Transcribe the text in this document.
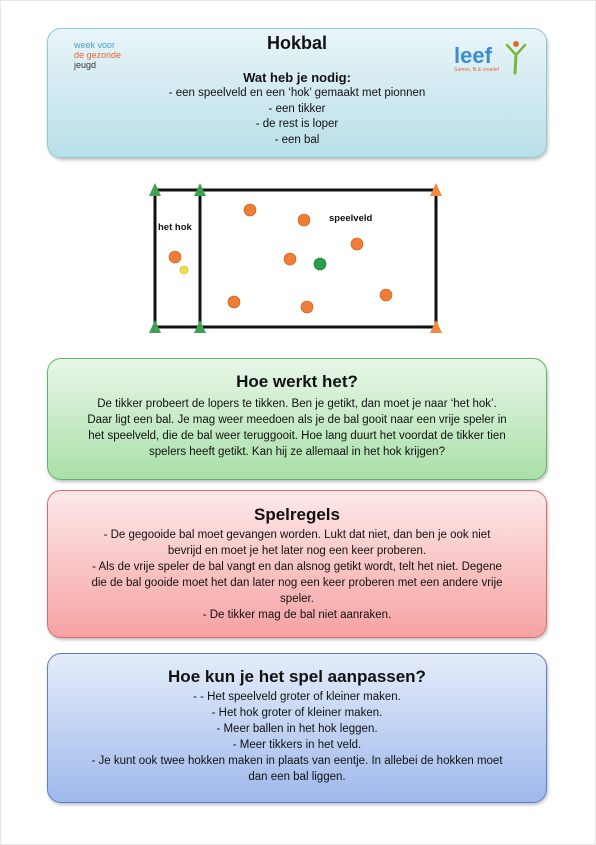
week voor
de gezonde
jeugd	leef
Samen, fit & creatief
Hokbal
Wat heb je nodig:
- een speelveld en een ‘hok’ gemaakt met pionnen
- een tikker
- de rest is loper
- een bal
het hok
speelveld
Hoe werkt het?
De tikker probeert de lopers te tikken. Ben je getikt, dan moet je naar ‘het hok’.
Daar ligt een bal. Je mag weer meedoen als je de bal gooit naar een vrije speler in
het speelveld, die de bal weer teruggooit. Hoe lang duurt het voordat de tikker tien
spelers heeft getikt. Kan hij ze allemaal in het hok krijgen?
Spelregels
- De gegooide bal moet gevangen worden. Lukt dat niet, dan ben je ook niet
bevrijd en moet je het later nog een keer proberen.
- Als de vrije speler de bal vangt en dan alsnog getikt wordt, telt het niet. Degene
die de bal gooide moet het dan later nog een keer proberen met een andere vrije
speler.
- De tikker mag de bal niet aanraken.
Hoe kun je het spel aanpassen?
- - Het speelveld groter of kleiner maken.
- Het hok groter of kleiner maken.
- Meer ballen in het hok leggen.
- Meer tikkers in het veld.
- Je kunt ook twee hokken maken in plaats van eentje. In allebei de hokken moet
dan een bal liggen.
